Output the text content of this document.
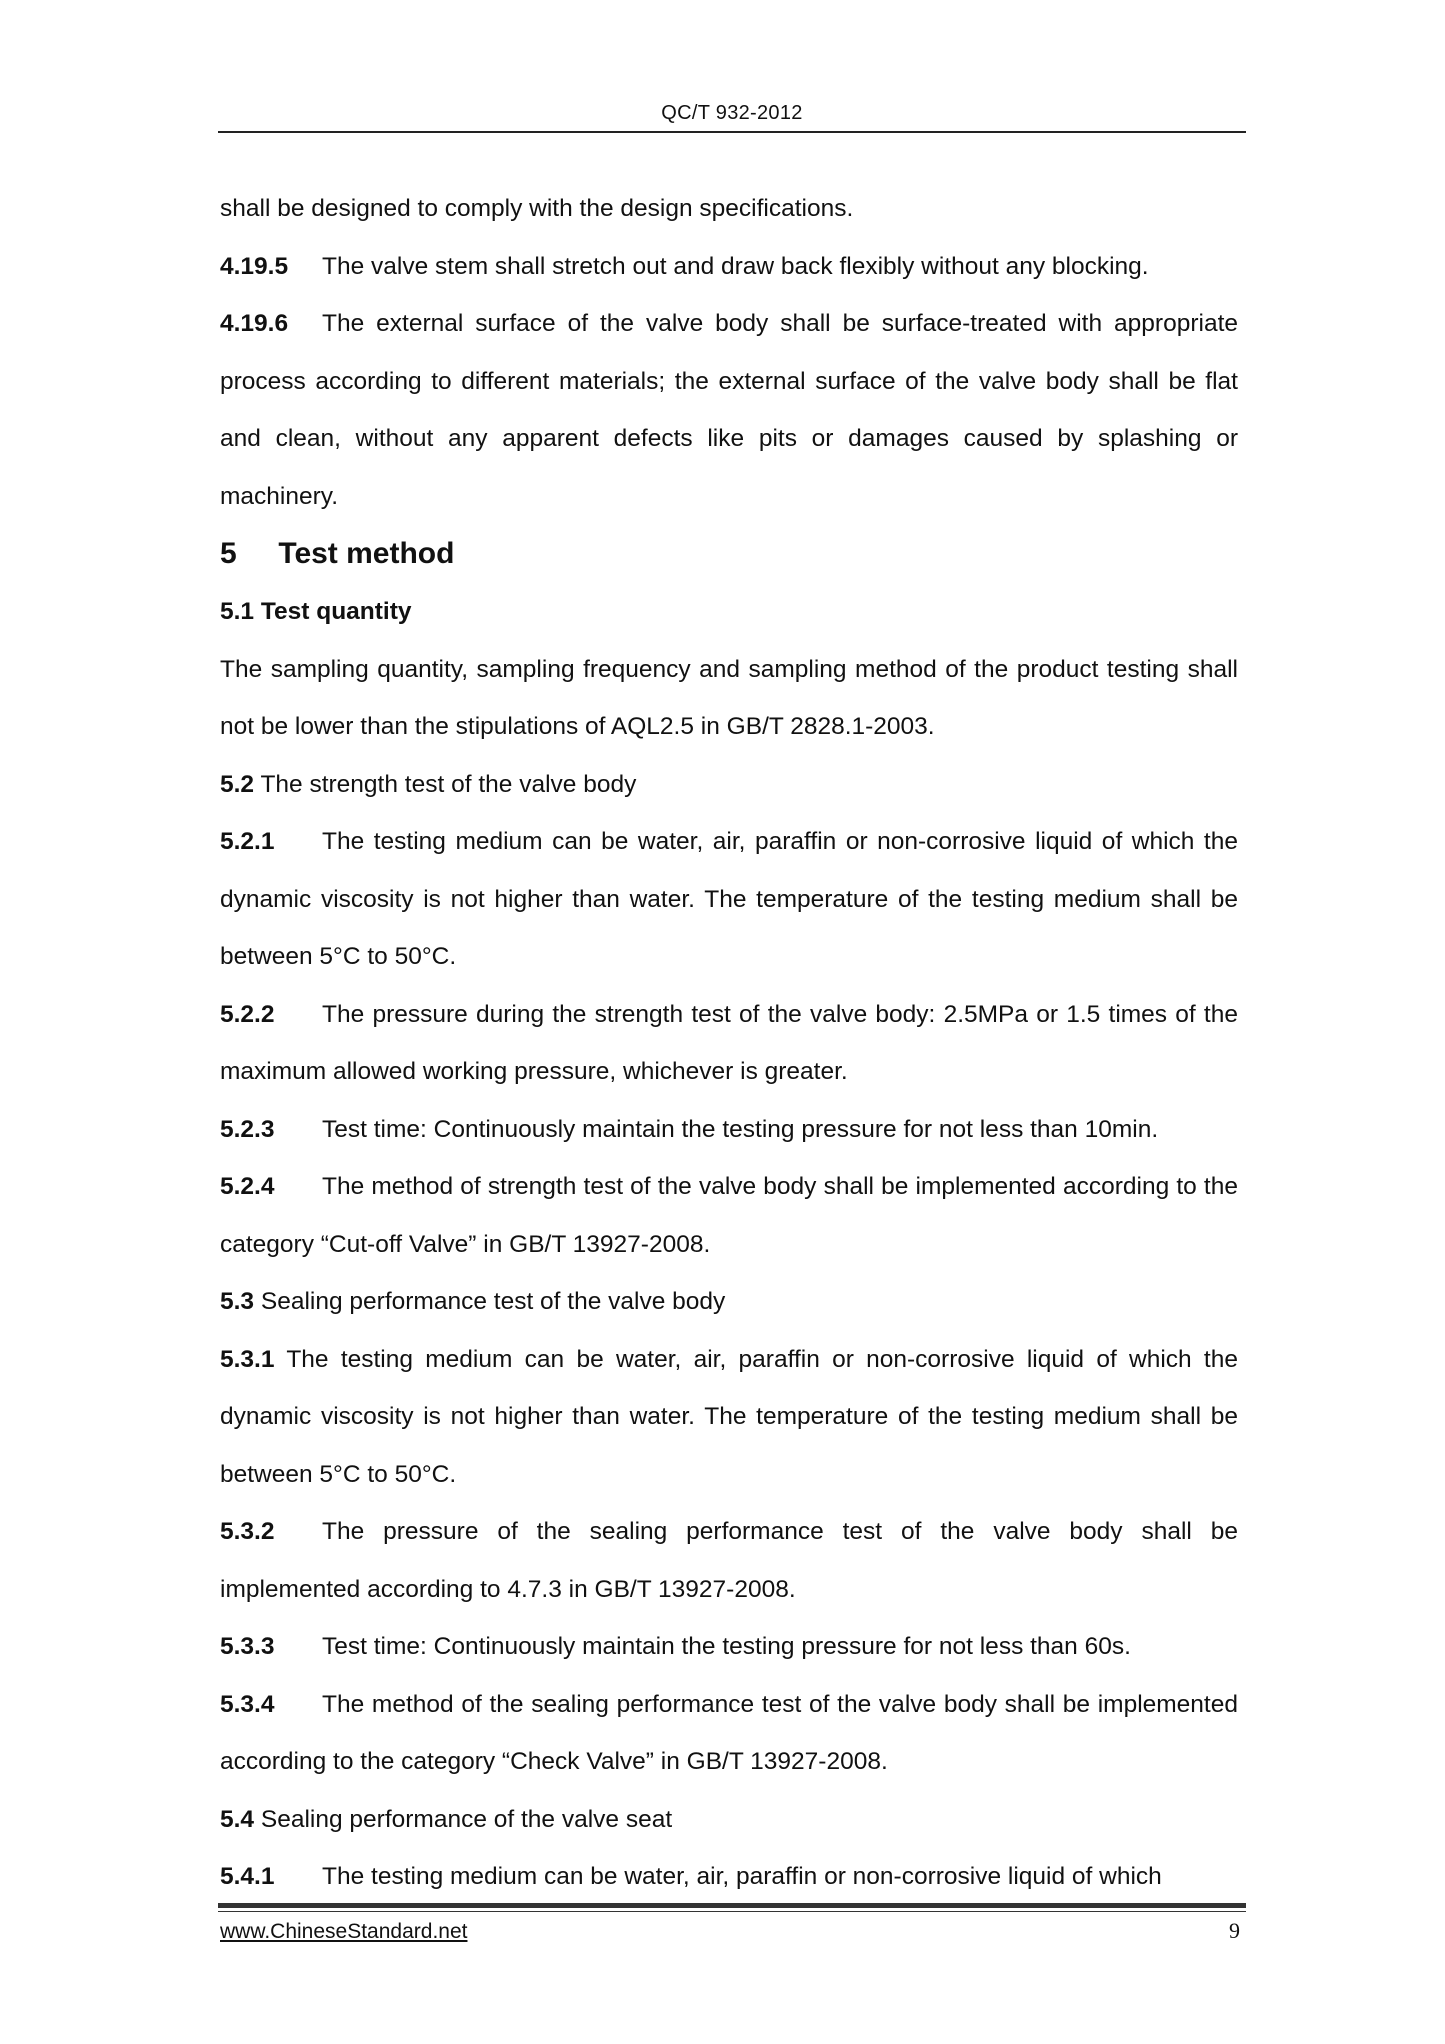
QC/T 932-2012

shall be designed to comply with the design specifications.

4.19.5 The valve stem shall stretch out and draw back flexibly without any blocking.

4.19.6 The external surface of the valve body shall be surface-treated with appropriate process according to different materials; the external surface of the valve body shall be flat and clean, without any apparent defects like pits or damages caused by splashing or machinery.

5 Test method

5.1 Test quantity

The sampling quantity, sampling frequency and sampling method of the product testing shall not be lower than the stipulations of AQL2.5 in GB/T 2828.1-2003.

5.2 The strength test of the valve body

5.2.1 The testing medium can be water, air, paraffin or non-corrosive liquid of which the dynamic viscosity is not higher than water. The temperature of the testing medium shall be between 5°C to 50°C.

5.2.2 The pressure during the strength test of the valve body: 2.5MPa or 1.5 times of the maximum allowed working pressure, whichever is greater.

5.2.3 Test time: Continuously maintain the testing pressure for not less than 10min.

5.2.4 The method of strength test of the valve body shall be implemented according to the category “Cut-off Valve” in GB/T 13927-2008.

5.3 Sealing performance test of the valve body

5.3.1 The testing medium can be water, air, paraffin or non-corrosive liquid of which the dynamic viscosity is not higher than water. The temperature of the testing medium shall be between 5°C to 50°C.

5.3.2 The pressure of the sealing performance test of the valve body shall be implemented according to 4.7.3 in GB/T 13927-2008.

5.3.3 Test time: Continuously maintain the testing pressure for not less than 60s.

5.3.4 The method of the sealing performance test of the valve body shall be implemented according to the category “Check Valve” in GB/T 13927-2008.

5.4 Sealing performance of the valve seat

5.4.1 The testing medium can be water, air, paraffin or non-corrosive liquid of which

www.ChineseStandard.net	9
